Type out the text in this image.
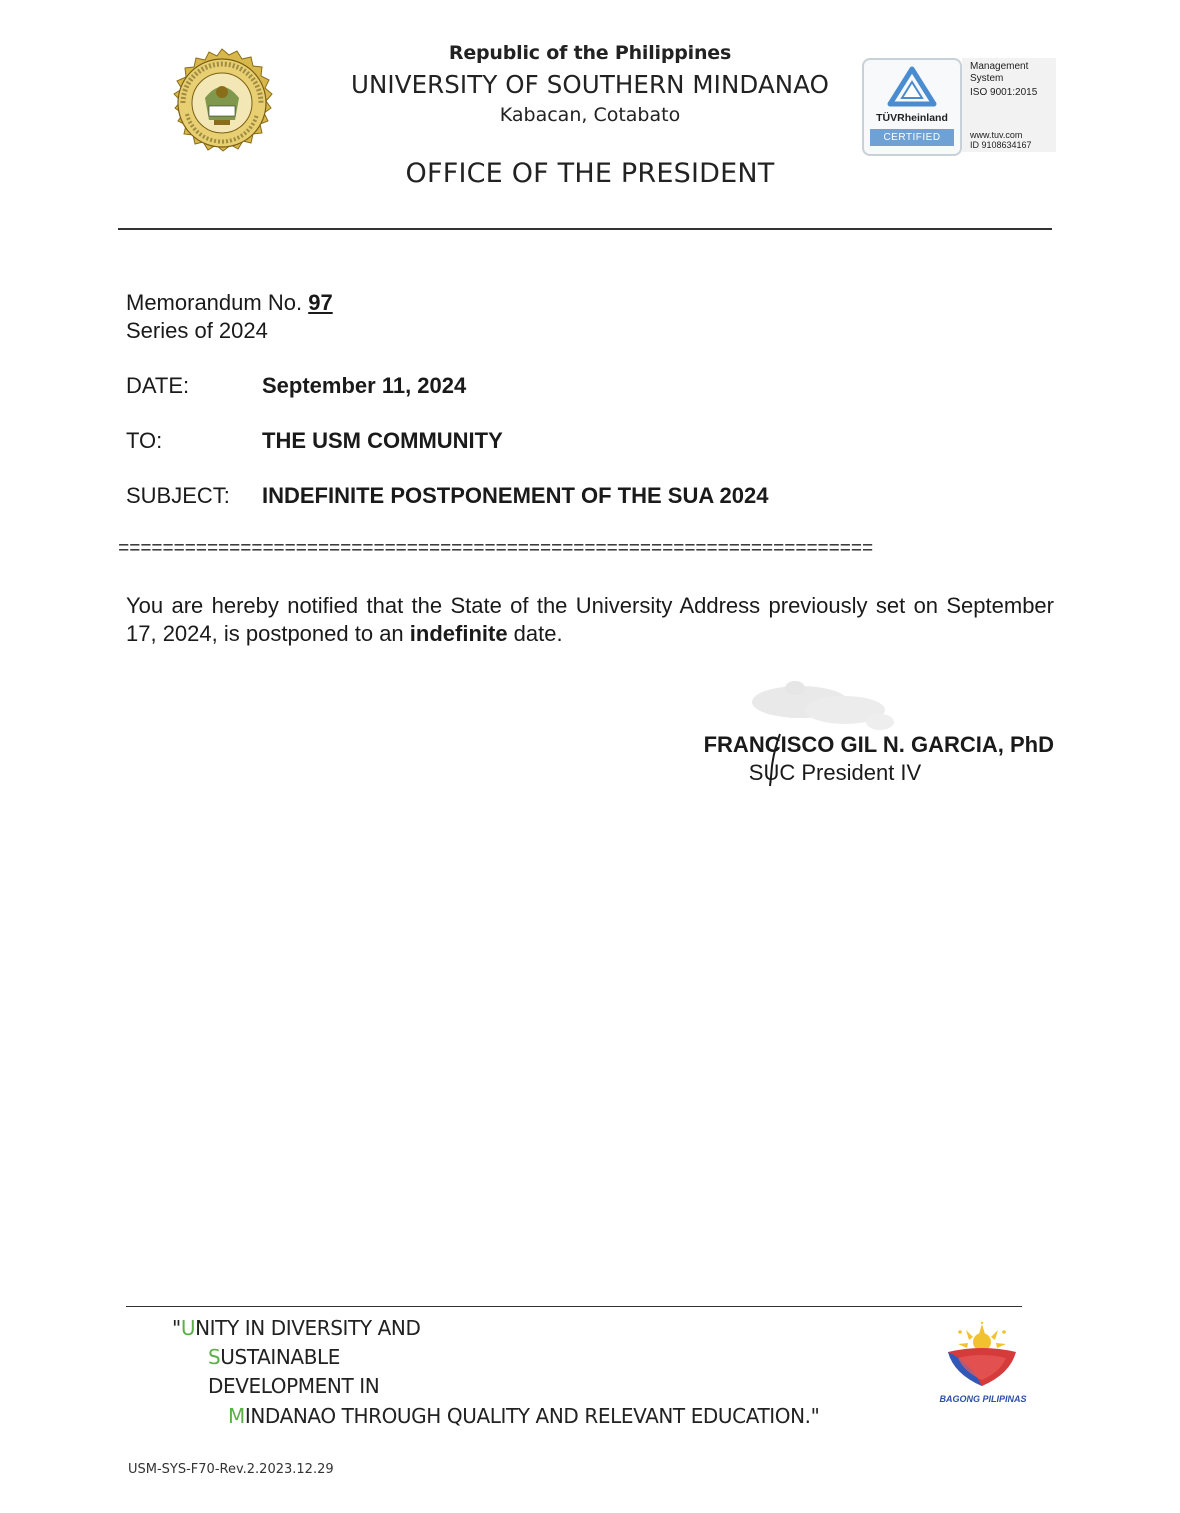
Republic of the Philippines
UNIVERSITY OF SOUTHERN MINDANAO
Kabacan, Cotabato
OFFICE OF THE PRESIDENT
TÜVRheinland
CERTIFIED
Management
System
ISO 9001:2015
www.tuv.com
ID 9108634167
Memorandum No. 97
Series of 2024
DATE:	September 11, 2024
TO:	THE USM COMMUNITY
SUBJECT: INDEFINITE POSTPONEMENT OF THE SUA 2024
====================================================================
You are hereby notified that the State of the University Address previously set on September 17, 2024, is postponed to an indefinite date.
FRANCISCO GIL N. GARCIA, PhD
SUC President IV
"UNITY IN DIVERSITY AND
SUSTAINABLE
DEVELOPMENT IN
MINDANAO THROUGH QUALITY AND RELEVANT EDUCATION."
BAGONG PILIPINAS
USM-SYS-F70-Rev.2.2023.12.29
